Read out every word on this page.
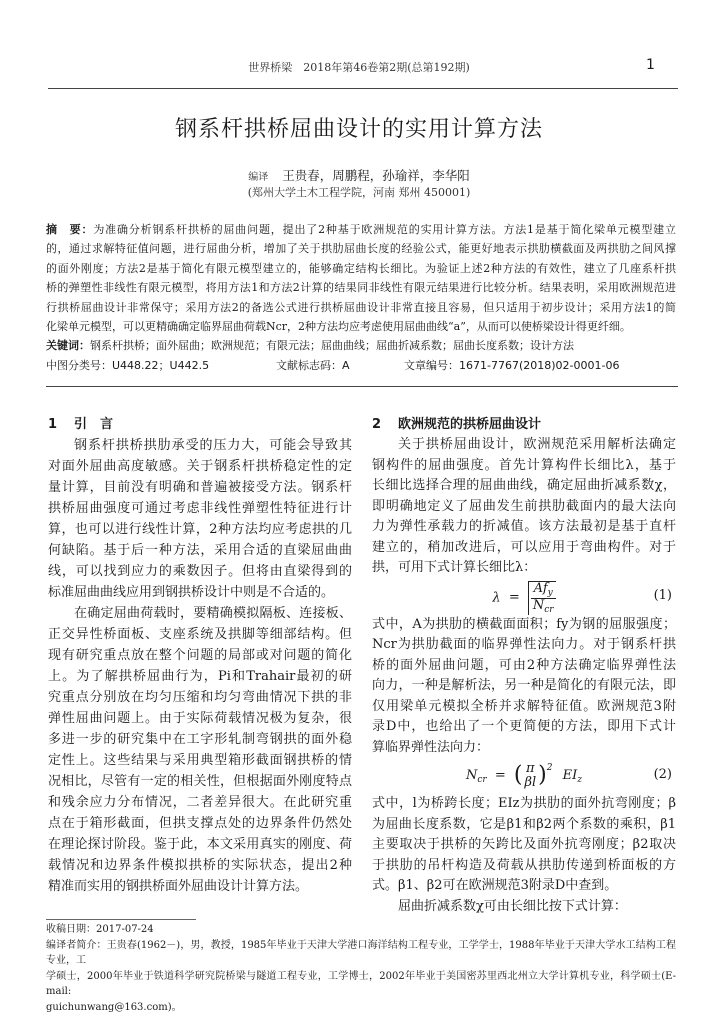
世界桥梁　2018年第46卷第2期(总第192期)	1
钢系杆拱桥屈曲设计的实用计算方法
编译 王贵春，周鹏程，孙瑜祥，李华阳
(郑州大学土木工程学院，河南 郑州 450001)
摘　要：为准确分析钢系杆拱桥的屈曲问题，提出了2种基于欧洲规范的实用计算方法。方法1是基于简化梁单元模型建立
的，通过求解特征值问题，进行屈曲分析，增加了关于拱肋屈曲长度的经验公式，能更好地表示拱肋横截面及两拱肋之间风撑
的面外刚度；方法2是基于简化有限元模型建立的，能够确定结构长细比。为验证上述2种方法的有效性，建立了几座系杆拱
桥的弹塑性非线性有限元模型，将用方法1和方法2计算的结果同非线性有限元结果进行比较分析。结果表明，采用欧洲规范进
行拱桥屈曲设计非常保守；采用方法2的备选公式进行拱桥屈曲设计非常直接且容易，但只适用于初步设计；采用方法1的简
化梁单元模型，可以更精确确定临界屈曲荷载Ncr，2种方法均应考虑使用屈曲曲线“a”，从而可以使桥梁设计得更纤细。
关键词：钢系杆拱桥；面外屈曲；欧洲规范；有限元法；屈曲曲线；屈曲折减系数；屈曲长度系数；设计方法
中图分类号：U448.22；U442.5	文献标志码：A	文章编号：1671-7767(2018)02-0001-06
1 引　言
钢系杆拱桥拱肋承受的压力大，可能会导致其
对面外屈曲高度敏感。关于钢系杆拱桥稳定性的定
量计算，目前没有明确和普遍被接受方法。钢系杆
拱桥屈曲强度可通过考虑非线性弹塑性特征进行计
算，也可以进行线性计算，2种方法均应考虑拱的几
何缺陷。基于后一种方法，采用合适的直梁屈曲曲
线，可以找到应力的乘数因子。但将由直梁得到的
标准屈曲曲线应用到钢拱桥设计中则是不合适的。
在确定屈曲荷载时，要精确模拟隔板、连接板、
正交异性桥面板、支座系统及拱脚等细部结构。但
现有研究重点放在整个问题的局部或对问题的简化
上。为了解拱桥屈曲行为，Pi和Trahair最初的研
究重点分别放在均匀压缩和均匀弯曲情况下拱的非
弹性屈曲问题上。由于实际荷载情况极为复杂，很
多进一步的研究集中在工字形轧制弯钢拱的面外稳
定性上。这些结果与采用典型箱形截面钢拱桥的情
况相比，尽管有一定的相关性，但根据面外刚度特点
和残余应力分布情况，二者差异很大。在此研究重
点在于箱形截面，但拱支撑点处的边界条件仍然处
在理论探讨阶段。鉴于此，本文采用真实的刚度、荷
载情况和边界条件模拟拱桥的实际状态，提出2种
精准而实用的钢拱桥面外屈曲设计计算方法。
2 欧洲规范的拱桥屈曲设计
关于拱桥屈曲设计，欧洲规范采用解析法确定
钢构件的屈曲强度。首先计算构件长细比λ，基于
长细比选择合理的屈曲曲线，确定屈曲折减系数χ，
即明确地定义了屈曲发生前拱肋截面内的最大法向
力为弹性承载力的折减值。该方法最初是基于直杆
建立的，稍加改进后，可以应用于弯曲构件。对于
拱，可用下式计算长细比λ：
$\lambda = \frac{Af_y}{N_{cr}}$	(1)
式中，A为拱肋的横截面面积；fy为钢的屈服强度；
Ncr为拱肋截面的临界弹性法向力。对于钢系杆拱
桥的面外屈曲问题，可由2种方法确定临界弹性法
向力，一种是解析法，另一种是简化的有限元法，即
仅用梁单元模拟全桥并求解特征值。欧洲规范3附
录D中，也给出了一个更简便的方法，即用下式计
算临界弹性法向力：
$N_{cr}$ = ( π
βl )$^2$ $EI_z$	(2)
式中，l为桥跨长度；EIz为拱肋的面外抗弯刚度；β
为屈曲长度系数，它是β1和β2两个系数的乘积，β1
主要取决于拱桥的矢跨比及面外抗弯刚度；β2取决
于拱肋的吊杆构造及荷载从拱肋传递到桥面板的方
式。β1、β2可在欧洲规范3附录D中查到。
屈曲折减系数χ可由长细比按下式计算：
收稿日期：2017-07-24
编译者简介：王贵春(1962－)，男，教授，1985年毕业于天津大学港口海洋结构工程专业，工学学士，1988年毕业于天津大学水工结构工程专业，工
学硕士，2000年毕业于铁道科学研究院桥梁与隧道工程专业，工学博士，2002年毕业于美国密苏里西北州立大学计算机专业，科学硕士(E-mail:
guichunwang@163.com)。
